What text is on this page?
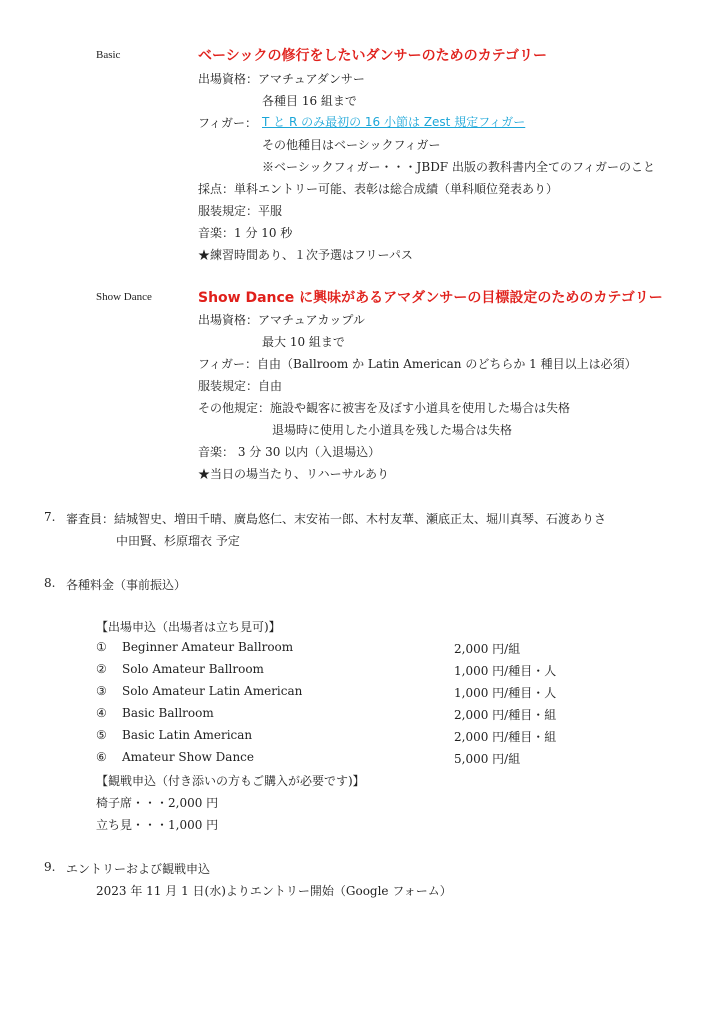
Basic	ベーシックの修行をしたいダンサーのためのカテゴリー
出場資格：アマチュアダンサー
各種目 16 組まで
フィガー： T と R のみ最初の 16 小節は Zest 規定フィガー
その他種目はベーシックフィガー
※ベーシックフィガー・・・JBDF 出版の教科書内全てのフィガーのこと
採点：単科エントリー可能、表彰は総合成績（単科順位発表あり）
服装規定：平服
音楽：1 分 10 秒
★練習時間あり、１次予選はフリーパス
Show Dance	Show Dance に興味があるアマダンサーの目標設定のためのカテゴリー
出場資格：アマチュアカップル
最大 10 組まで
フィガー：自由（Ballroom か Latin American のどちらか 1 種目以上は必須）
服装規定：自由
その他規定：施設や観客に被害を及ぼす小道具を使用した場合は失格
退場時に使用した小道具を残した場合は失格
音楽： 3 分 30 以内（入退場込）
★当日の場当たり、リハーサルあり
7. 審査員：結城智史、増田千晴、廣島悠仁、末安祐一郎、木村友華、瀬底正太、堀川真琴、石渡ありさ
中田賢、杉原瑠衣 予定
8. 各種料金（事前振込）
【出場申込（出場者は立ち見可)】
① Beginner Amateur Ballroom	2,000 円/組
② Solo Amateur Ballroom	1,000 円/種目・人
③ Solo Amateur Latin American	1,000 円/種目・人
④ Basic Ballroom	2,000 円/種目・組
⑤ Basic Latin American	2,000 円/種目・組
⑥ Amateur Show Dance	5,000 円/組
【観戦申込（付き添いの方もご購入が必要です)】
椅子席・・・2,000 円
立ち見・・・1,000 円
9. エントリーおよび観戦申込
2023 年 11 月 1 日(水)よりエントリー開始（Google フォーム）
